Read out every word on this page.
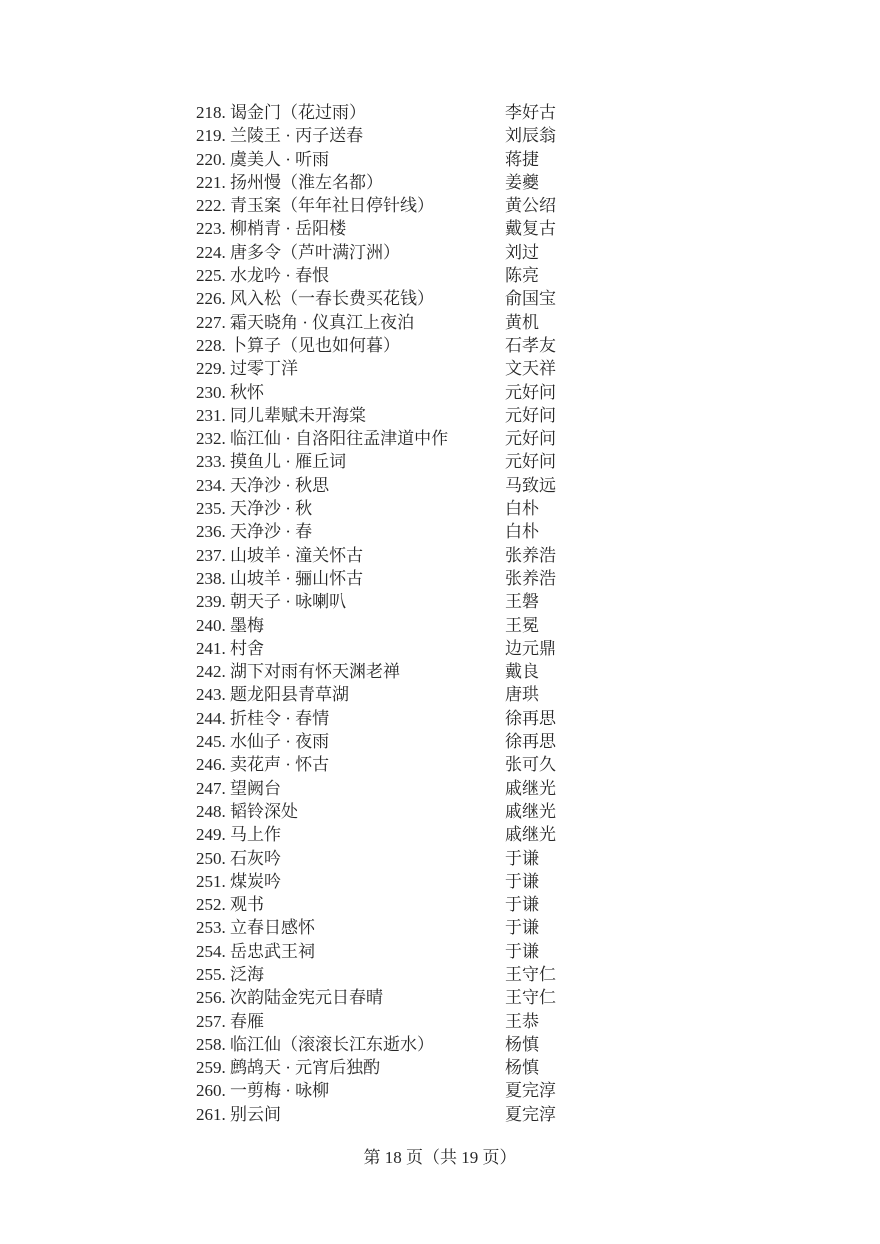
218. 谒金门（花过雨）	李好古
219. 兰陵王 · 丙子送春	刘辰翁
220. 虞美人 · 听雨	蒋捷
221. 扬州慢（淮左名都）	姜夔
222. 青玉案（年年社日停针线）	黄公绍
223. 柳梢青 · 岳阳楼	戴复古
224. 唐多令（芦叶满汀洲）	刘过
225. 水龙吟 · 春恨	陈亮
226. 风入松（一春长费买花钱）	俞国宝
227. 霜天晓角 · 仪真江上夜泊	黄机
228. 卜算子（见也如何暮）	石孝友
229. 过零丁洋	文天祥
230. 秋怀	元好问
231. 同儿辈赋未开海棠	元好问
232. 临江仙 · 自洛阳往孟津道中作	元好问
233. 摸鱼儿 · 雁丘词	元好问
234. 天净沙 · 秋思	马致远
235. 天净沙 · 秋	白朴
236. 天净沙 · 春	白朴
237. 山坡羊 · 潼关怀古	张养浩
238. 山坡羊 · 骊山怀古	张养浩
239. 朝天子 · 咏喇叭	王磐
240. 墨梅	王冕
241. 村舍	边元鼎
242. 湖下对雨有怀天渊老禅	戴良
243. 题龙阳县青草湖	唐珙
244. 折桂令 · 春情	徐再思
245. 水仙子 · 夜雨	徐再思
246. 卖花声 · 怀古	张可久
247. 望阙台	戚继光
248. 韬铃深处	戚继光
249. 马上作	戚继光
250. 石灰吟	于谦
251. 煤炭吟	于谦
252. 观书	于谦
253. 立春日感怀	于谦
254. 岳忠武王祠	于谦
255. 泛海	王守仁
256. 次韵陆金宪元日春晴	王守仁
257. 春雁	王恭
258. 临江仙（滚滚长江东逝水）	杨慎
259. 鹧鸪天 · 元宵后独酌	杨慎
260. 一剪梅 · 咏柳	夏完淳
261. 别云间	夏完淳
第 18 页（共 19 页）
